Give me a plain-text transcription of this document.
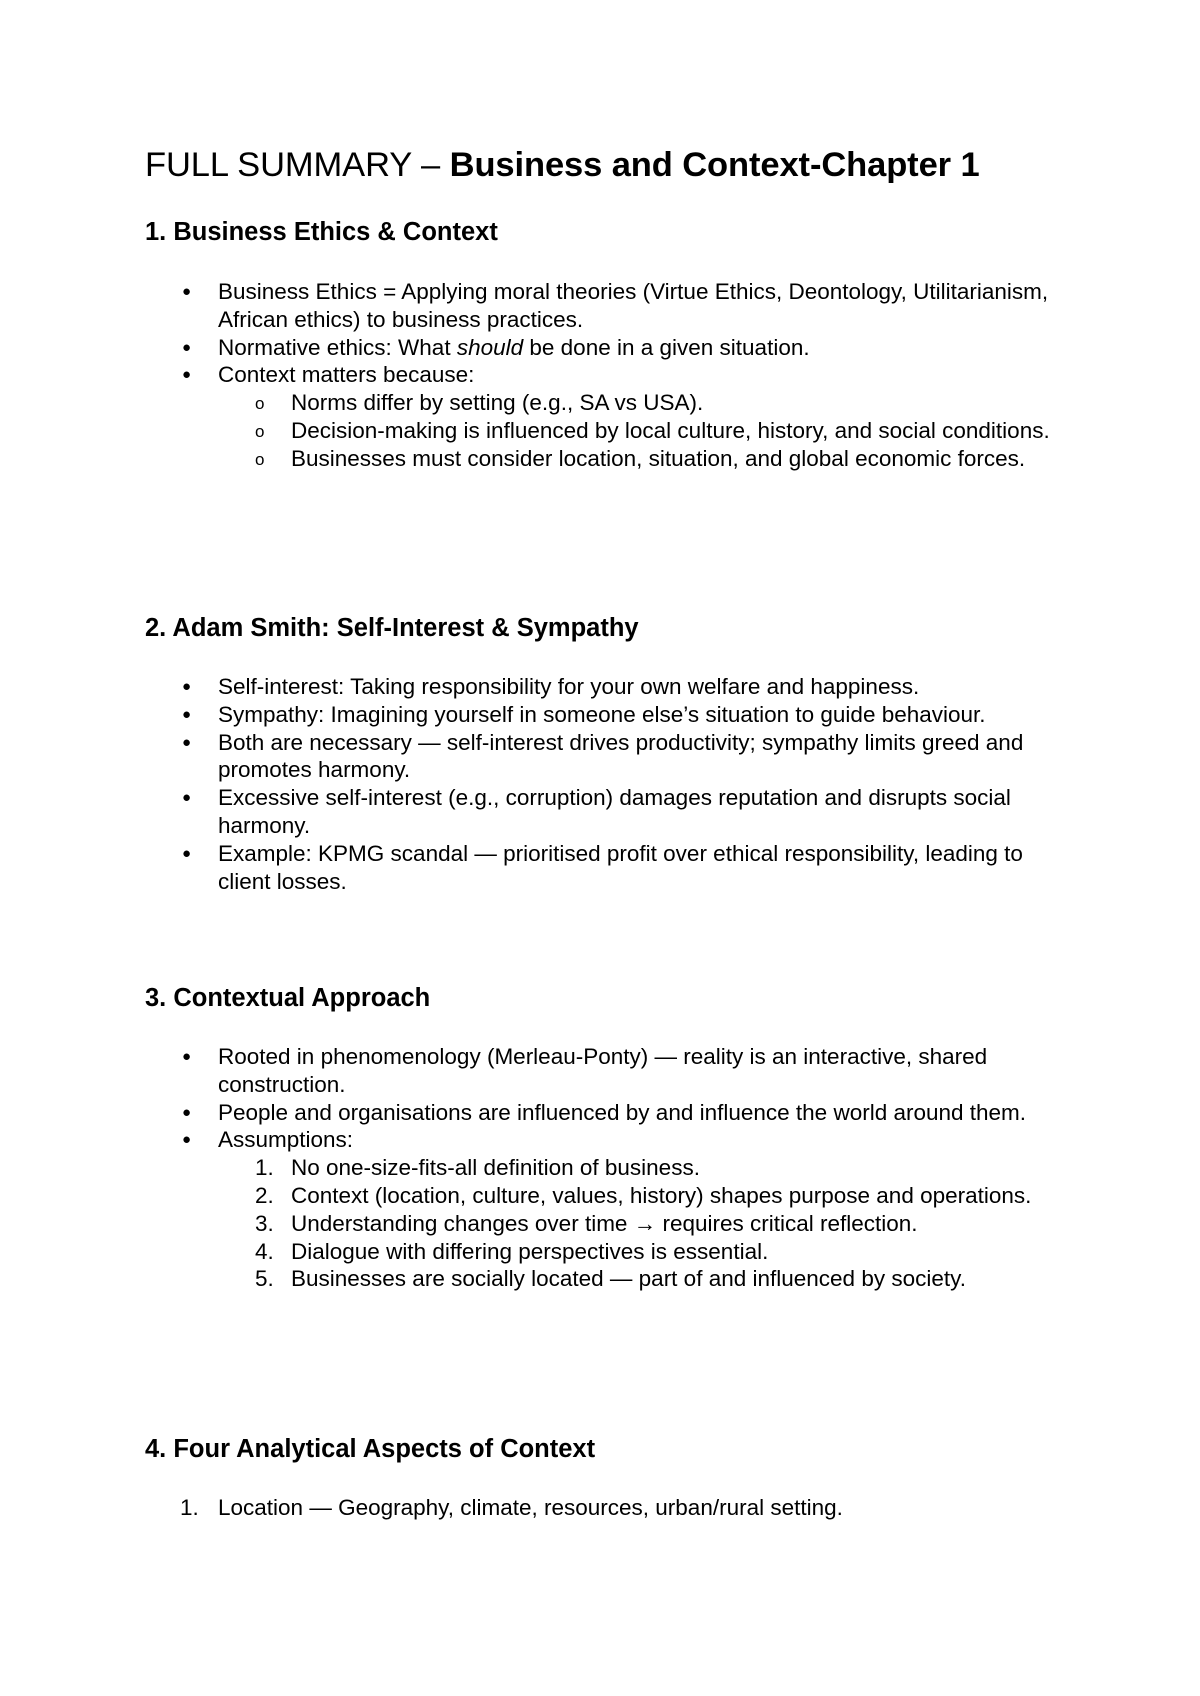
FULL SUMMARY – Business and Context-Chapter 1
1. Business Ethics & Context
● Business Ethics = Applying moral theories (Virtue Ethics, Deontology, Utilitarianism, African ethics) to business practices.
● Normative ethics: What should be done in a given situation.
● Context matters because:
o Norms differ by setting (e.g., SA vs USA).
o Decision-making is influenced by local culture, history, and social conditions.
o Businesses must consider location, situation, and global economic forces.
2. Adam Smith: Self-Interest & Sympathy
● Self-interest: Taking responsibility for your own welfare and happiness.
● Sympathy: Imagining yourself in someone else’s situation to guide behaviour.
● Both are necessary — self-interest drives productivity; sympathy limits greed and promotes harmony.
● Excessive self-interest (e.g., corruption) damages reputation and disrupts social harmony.
● Example: KPMG scandal — prioritised profit over ethical responsibility, leading to client losses.
3. Contextual Approach
● Rooted in phenomenology (Merleau-Ponty) — reality is an interactive, shared construction.
● People and organisations are influenced by and influence the world around them.
● Assumptions:
1. No one-size-fits-all definition of business.
2. Context (location, culture, values, history) shapes purpose and operations.
3. Understanding changes over time → requires critical reflection.
4. Dialogue with differing perspectives is essential.
5. Businesses are socially located — part of and influenced by society.
4. Four Analytical Aspects of Context
1. Location — Geography, climate, resources, urban/rural setting.
